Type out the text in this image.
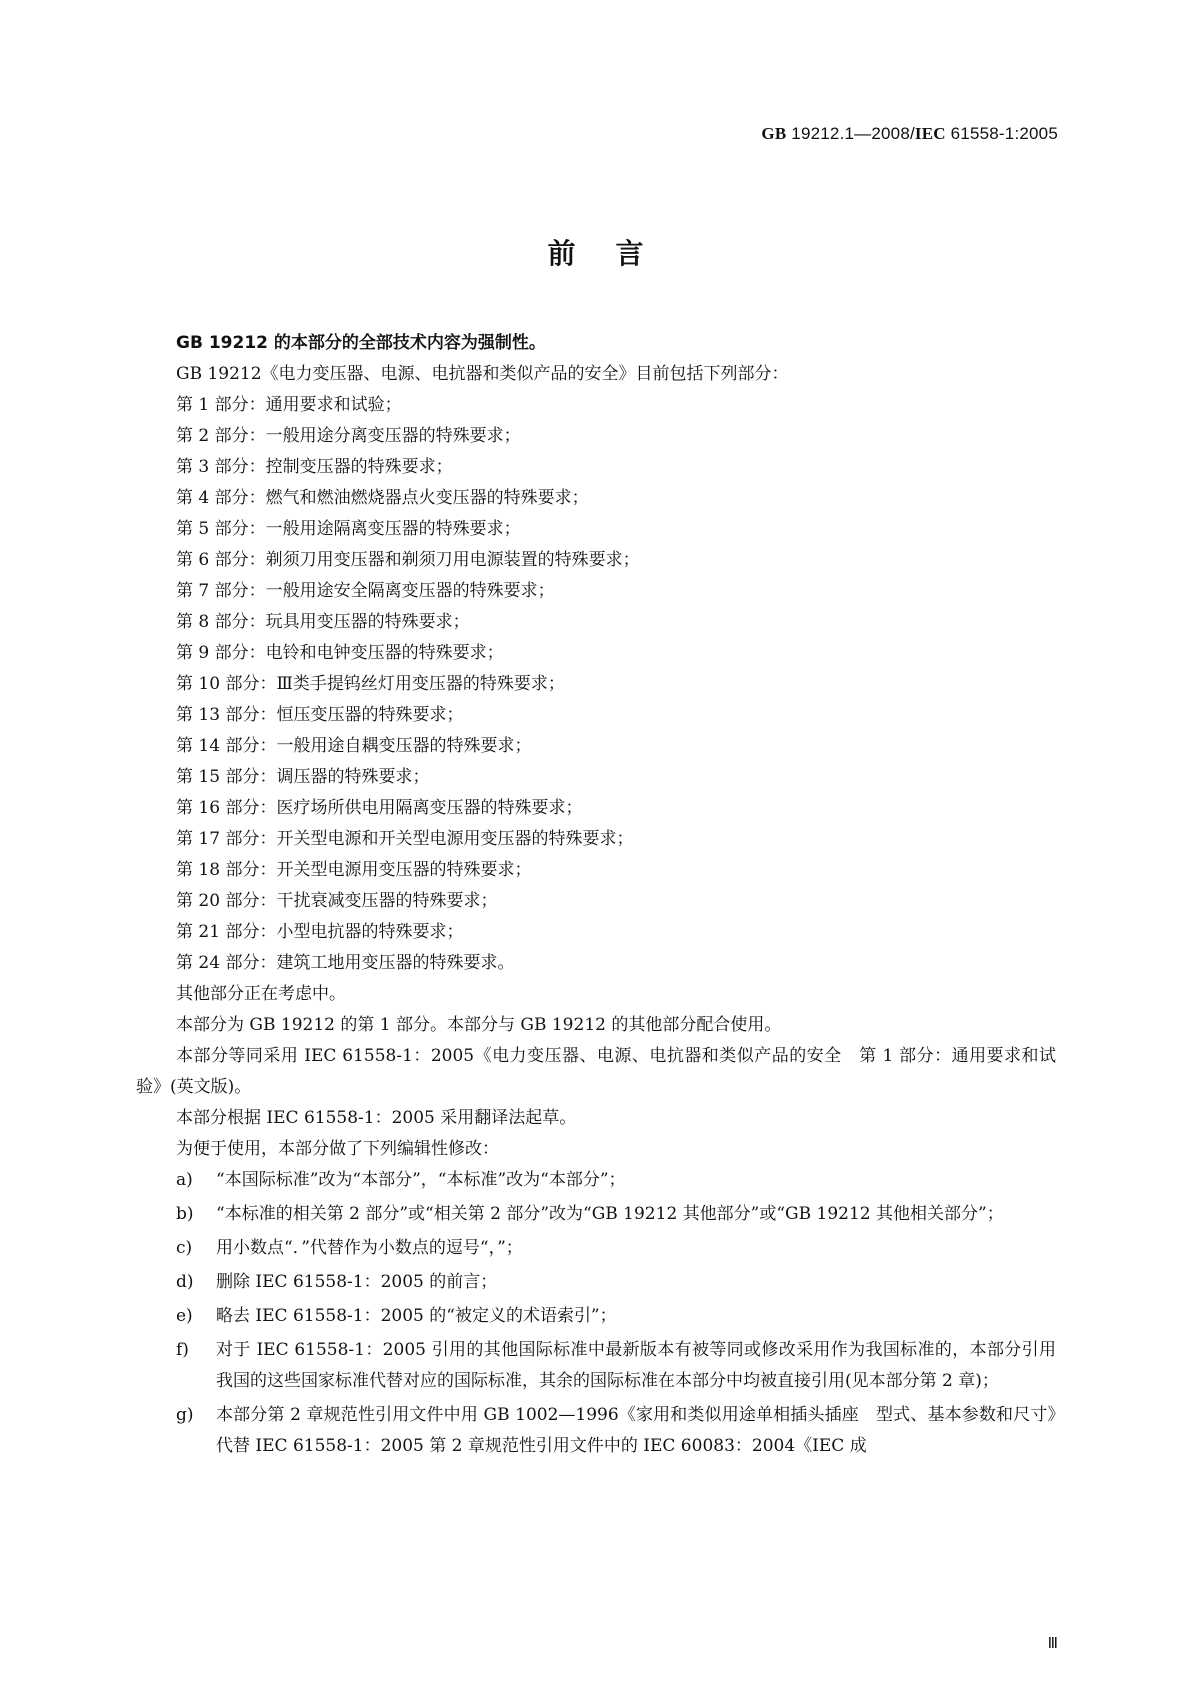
GB 19212.1—2008/IEC 61558-1:2005
前言

GB 19212 的本部分的全部技术内容为强制性。

GB 19212《电力变压器、电源、电抗器和类似产品的安全》目前包括下列部分：

第 1 部分：通用要求和试验；

第 2 部分：一般用途分离变压器的特殊要求；

第 3 部分：控制变压器的特殊要求；

第 4 部分：燃气和燃油燃烧器点火变压器的特殊要求；

第 5 部分：一般用途隔离变压器的特殊要求；

第 6 部分：剃须刀用变压器和剃须刀用电源装置的特殊要求；

第 7 部分：一般用途安全隔离变压器的特殊要求；

第 8 部分：玩具用变压器的特殊要求；

第 9 部分：电铃和电钟变压器的特殊要求；

第 10 部分：Ⅲ类手提钨丝灯用变压器的特殊要求；

第 13 部分：恒压变压器的特殊要求；

第 14 部分：一般用途自耦变压器的特殊要求；

第 15 部分：调压器的特殊要求；

第 16 部分：医疗场所供电用隔离变压器的特殊要求；

第 17 部分：开关型电源和开关型电源用变压器的特殊要求；

第 18 部分：开关型电源用变压器的特殊要求；

第 20 部分：干扰衰减变压器的特殊要求；

第 21 部分：小型电抗器的特殊要求；

第 24 部分：建筑工地用变压器的特殊要求。

其他部分正在考虑中。

本部分为 GB 19212 的第 1 部分。本部分与 GB 19212 的其他部分配合使用。

本部分等同采用 IEC 61558-1：2005《电力变压器、电源、电抗器和类似产品的安全　第 1 部分：通用要求和试验》(英文版)。

本部分根据 IEC 61558-1：2005 采用翻译法起草。

为便于使用，本部分做了下列编辑性修改：

a) “本国际标准”改为“本部分”，“本标准”改为“本部分”；
b) “本标准的相关第 2 部分”或“相关第 2 部分”改为“GB 19212 其他部分”或“GB 19212 其他相关部分”；
c) 用小数点“．”代替作为小数点的逗号“，”；
d) 删除 IEC 61558-1：2005 的前言；
e) 略去 IEC 61558-1：2005 的“被定义的术语索引”；
f) 对于 IEC 61558-1：2005 引用的其他国际标准中最新版本有被等同或修改采用作为我国标准的，本部分引用我国的这些国家标准代替对应的国际标准，其余的国际标准在本部分中均被直接引用(见本部分第 2 章)；
g) 本部分第 2 章规范性引用文件中用 GB 1002—1996《家用和类似用途单相插头插座　型式、基本参数和尺寸》代替 IEC 61558-1：2005 第 2 章规范性引用文件中的 IEC 60083：2004《IEC 成
Ⅲ
